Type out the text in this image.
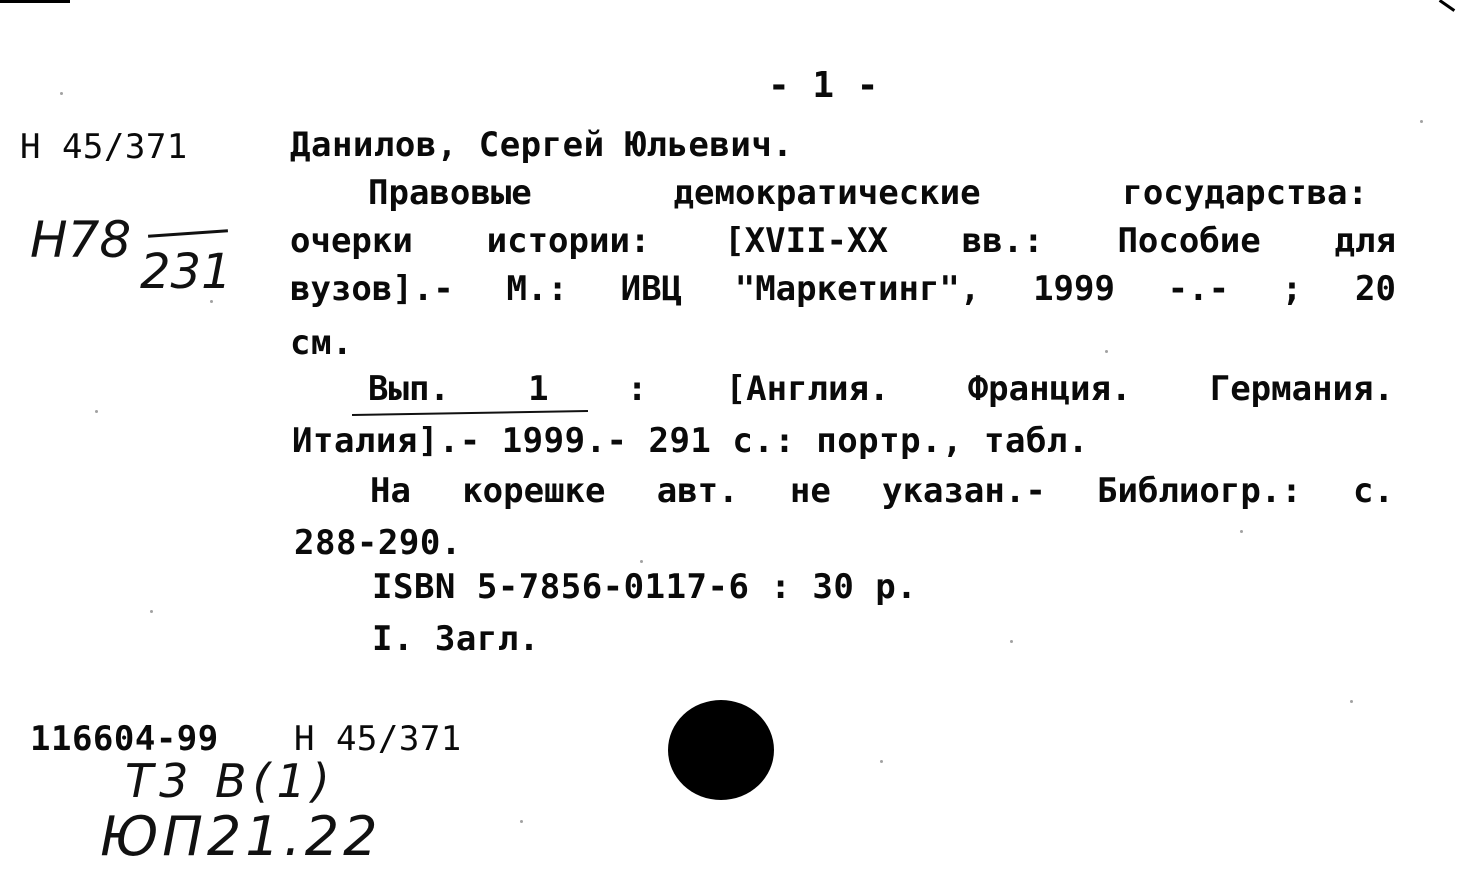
- 1 -
Н 45/371
Н78
231
Данилов, Сергей Юльевич.
Правовые	демократические	государства:
очерки истории: [XVII-XX вв.: Пособие для
вузов].- М.: ИВЦ "Маркетинг", 1999 -.- ; 20
см.
Вып. 1 : [Англия. Франция. Германия.
Италия].- 1999.- 291 с.: портр., табл.
На корешке авт. не указан.- Библиогр.: с.
288-290.
ISBN 5-7856-0117-6 : 30 р.
I. Загл.
116604-99 Н 45/371
Т3 В(1)
ЮП21.22
